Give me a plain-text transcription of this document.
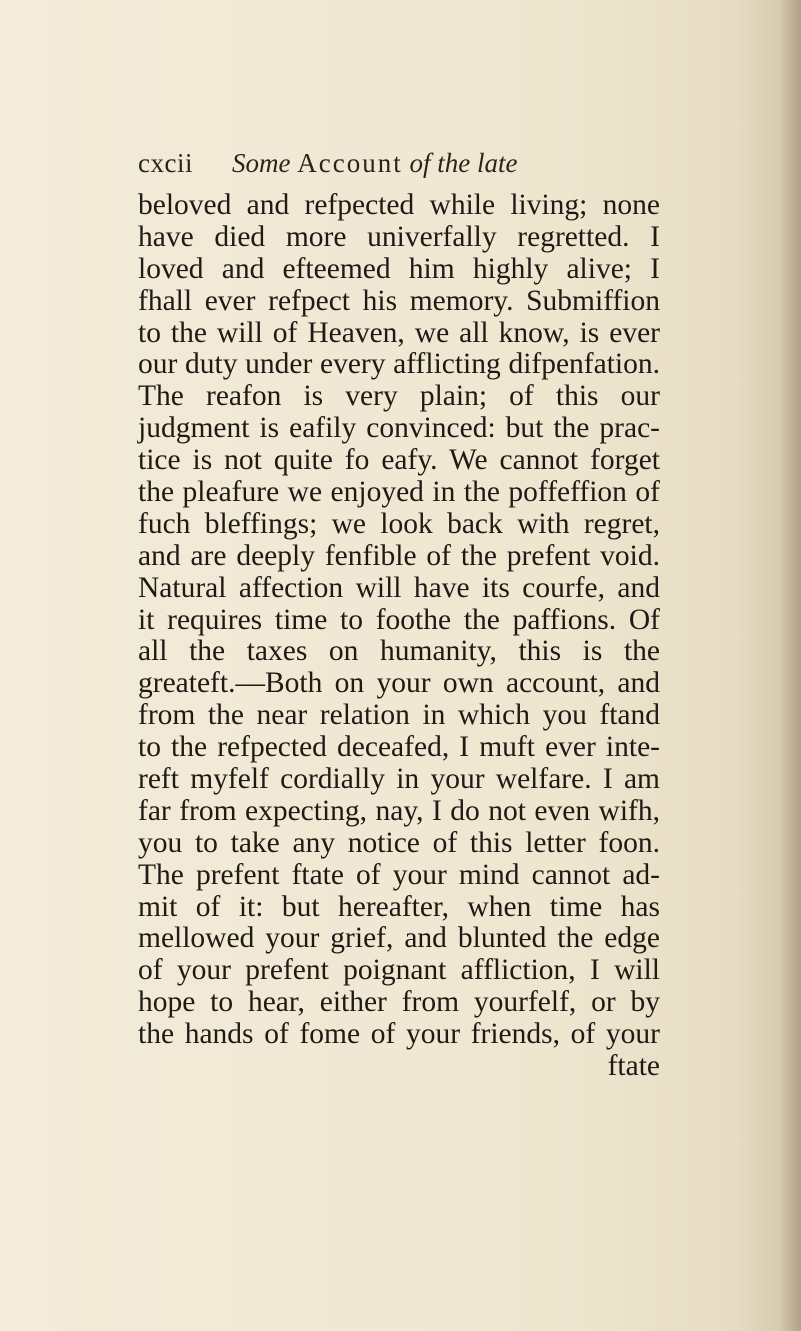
cxcii Some Account of the late
beloved and refpected while living; none
have died more univerfally regretted. I
loved and efteemed him highly alive; I
fhall ever refpect his memory. Submiffion
to the will of Heaven, we all know, is ever
our duty under every afflicting difpenfation.
The reafon is very plain; of this our
judgment is eafily convinced: but the prac-
tice is not quite fo eafy. We cannot forget
the pleafure we enjoyed in the poffeffion of
fuch bleffings; we look back with regret,
and are deeply fenfible of the prefent void.
Natural affection will have its courfe, and
it requires time to foothe the paffions. Of
all the taxes on humanity, this is the
greateft.—Both on your own account, and
from the near relation in which you ftand
to the refpected deceafed, I muft ever inte-
reft myfelf cordially in your welfare. I am
far from expecting, nay, I do not even wifh,
you to take any notice of this letter foon.
The prefent ftate of your mind cannot ad-
mit of it: but hereafter, when time has
mellowed your grief, and blunted the edge
of your prefent poignant affliction, I will
hope to hear, either from yourfelf, or by
the hands of fome of your friends, of your
ftate
